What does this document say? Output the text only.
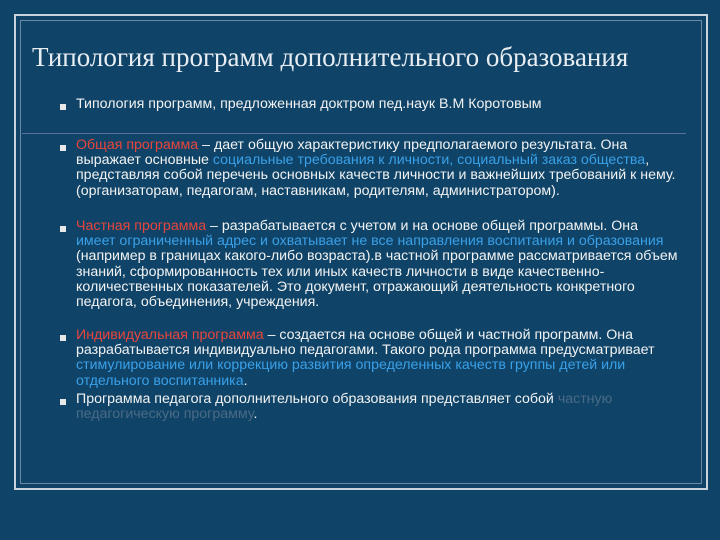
Типология программ дополнительного образования
Типология программ, предложенная доктром пед.наук В.М Коротовым
Общая программа – дает общую характеристику предполагаемого результата. Она выражает основные социальные требования к личности, социальный заказ общества, представляя собой перечень основных качеств личности и важнейших требований к нему. (организаторам, педагогам, наставникам, родителям, администратором).
Частная программа – разрабатывается с учетом и на основе общей программы. Она имеет ограниченный адрес и охватывает не все направления воспитания и образования (например в границах какого-либо возраста).в частной программе рассматривается объем знаний, сформированность тех или иных качеств личности в виде качественно-количественных показателей. Это документ, отражающий деятельность конкретного педагога, объединения, учреждения.
Индивидуальная программа – создается на основе общей и частной программ. Она разрабатывается индивидуально педагогами. Такого рода программа предусматривает стимулирование или коррекцию развития определенных качеств группы детей или отдельного воспитанника.
Программа педагога дополнительного образования представляет собой частную педагогическую программу.
